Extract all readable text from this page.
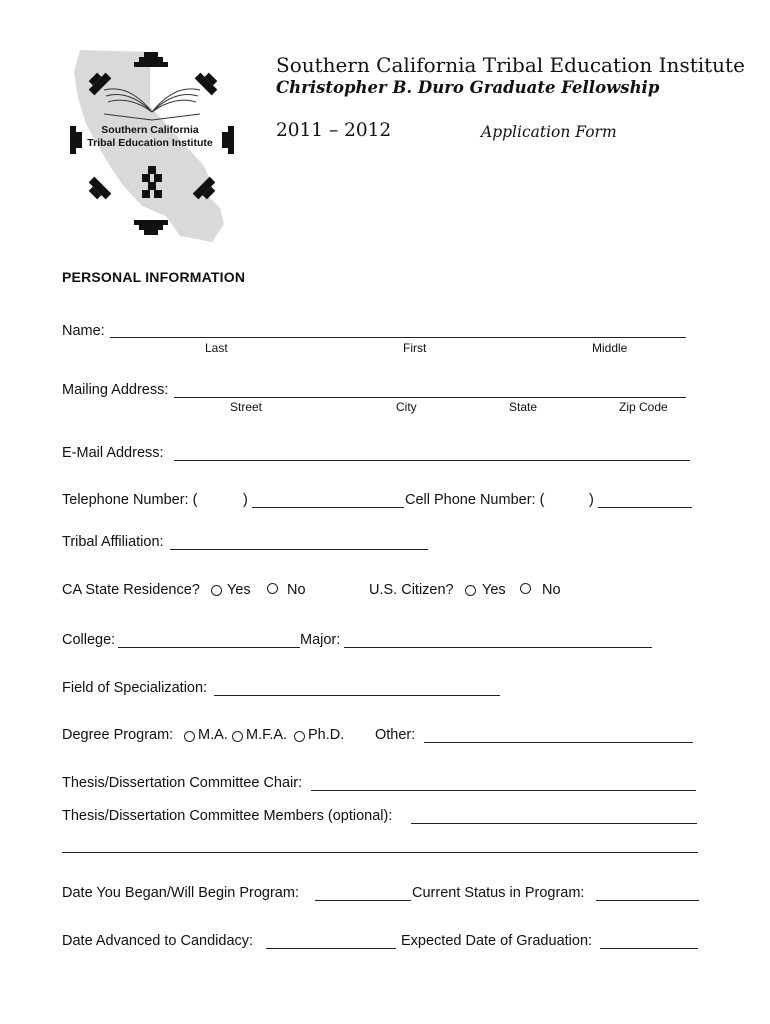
Southern California
Tribal Education Institute
Southern California Tribal Education Institute
Christopher B. Duro Graduate Fellowship
2011 – 2012	Application Form
PERSONAL INFORMATION
Name:
Last	First	Middle
Mailing Address:
Street	City	State	Zip Code
E-Mail Address:
Telephone Number: (	)	Cell Phone Number: (	)
Tribal Affiliation:
CA State Residence? Yes	No	U.S. Citizen? Yes	No
College:	Major:
Field of Specialization:
Degree Program: M.A. M.F.A. Ph.D. Other:
Thesis/Dissertation Committee Chair:
Thesis/Dissertation Committee Members (optional):
Date You Began/Will Begin Program:	Current Status in Program:
Date Advanced to Candidacy:	Expected Date of Graduation:
